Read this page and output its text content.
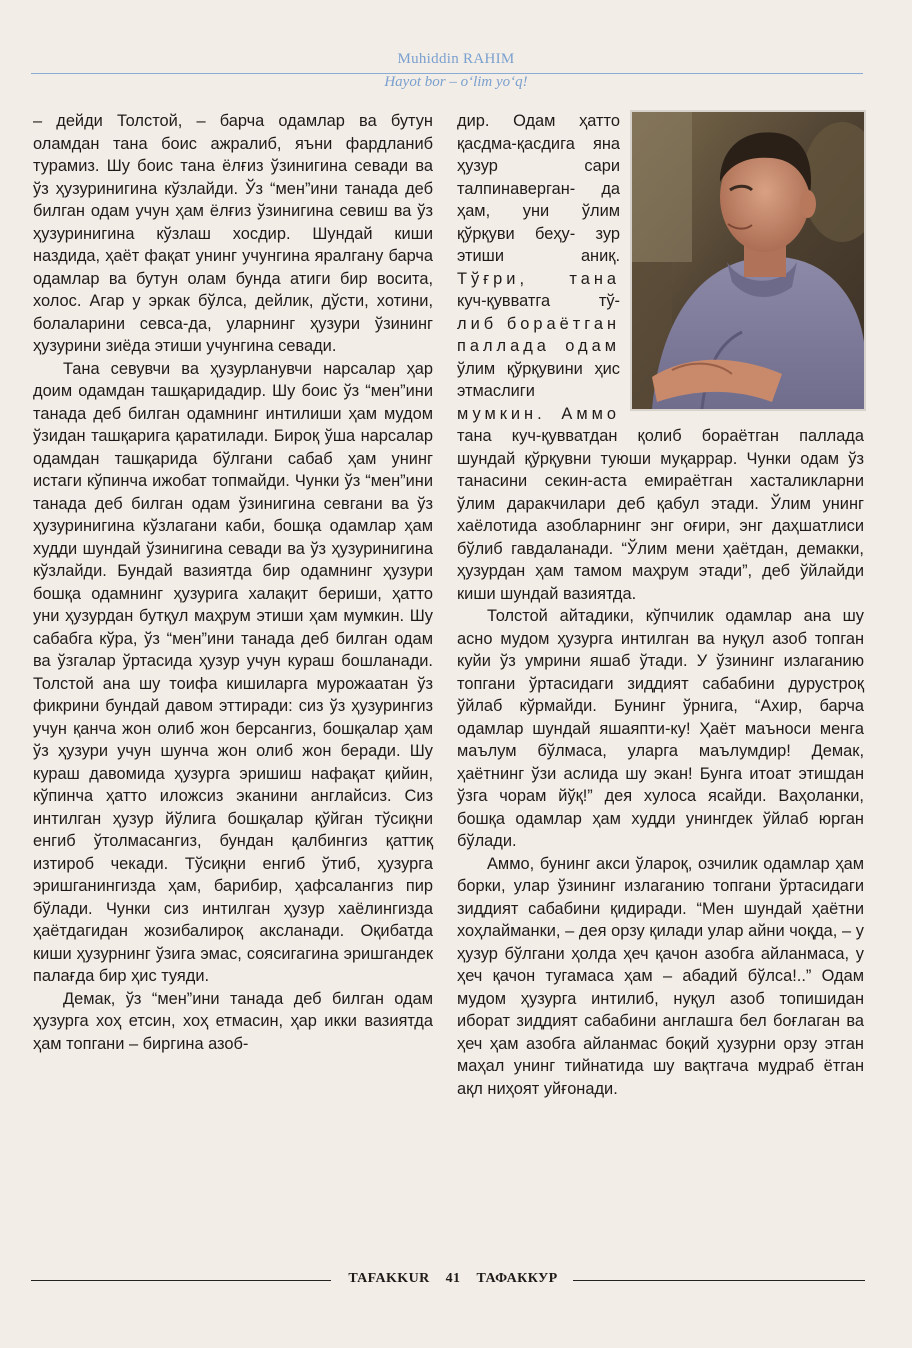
Muhiddin RAHIM
Hayot bor – o‘lim yo‘q!

– дейди Толстой, – барча одамлар ва бутун оламдан тана боис ажралиб, яъни фардланиб турамиз. Шу боис тана ёлғиз ўзинигина севади ва ўз ҳузуринигина кўзлайди. Ўз “мен”ини танада деб билган одам учун ҳам ёлғиз ўзинигина севиш ва ўз ҳузуринигина кўзлаш хосдир. Шундай киши наздида, ҳаёт фақат унинг учунгина яралгану барча одамлар ва бутун олам бунда атиги бир восита, холос. Агар у эркак бўлса, дейлик, дўсти, хотини, болаларини севса-да, уларнинг ҳузури ўзининг ҳузурини зиёда этиши учунгина севади.

Тана севувчи ва ҳузурланувчи нарсалар ҳар доим одамдан ташқаридадир. Шу боис ўз “мен”ини танада деб билган одамнинг интилиши ҳам мудом ўзидан ташқарига қаратилади. Бироқ ўша нарсалар одамдан ташқарида бўлгани сабаб ҳам унинг истаги кўпинча ижобат топмайди. Чунки ўз “мен”ини танада деб билган одам ўзинигина севгани ва ўз ҳузуринигина кўзлагани каби, бошқа одамлар ҳам худди шундай ўзинигина севади ва ўз ҳузуринигина кўзлайди. Бундай вазиятда бир одамнинг ҳузури бошқа одамнинг ҳузурига халақит бериши, ҳатто уни ҳузурдан бутқул маҳрум этиши ҳам мумкин. Шу сабабга кўра, ўз “мен”ини танада деб билган одам ва ўзгалар ўртасида ҳузур учун кураш бошланади. Толстой ана шу тоифа кишиларга мурожаатан ўз фикрини бундай давом эттиради: сиз ўз ҳузурингиз учун қанча жон олиб жон берсангиз, бошқалар ҳам ўз ҳузури учун шунча жон олиб жон беради. Шу кураш давомида ҳузурга эришиш нафақат қийин, кўпинча ҳатто иложсиз эканини англайсиз. Сиз интилган ҳузур йўлига бошқалар қўйган тўсиқни енгиб ўтолмасангиз, бундан қалбингиз қаттиқ изтироб чекади. Тўсиқни енгиб ўтиб, ҳузурга эришганингизда ҳам, барибир, ҳафсалангиз пир бўлади. Чунки сиз интилган ҳузур хаёлингизда ҳаётдагидан жозибалироқ аксланади. Оқибатда киши ҳузурнинг ўзига эмас, соясигагина эришгандек палағда бир ҳис туяди.

Демак, ўз “мен”ини танада деб билган одам ҳузурга хоҳ етсин, хоҳ етмасин, ҳар икки вазиятда ҳам топгани – биргина азоб-

дир. Одам ҳатто қасдма-қасдига яна ҳузур сари талпинаверган- да ҳам, уни ўлим қўрқуви беҳу- зур этиши аниқ. Тўғри, тана куч-қувватга тў- либ бораётган паллада одам ўлим қўрқувини ҳис этмаслиги мумкин. Аммо тана куч-қувватдан қолиб бораётган паллада шундай қўрқувни туюши муқаррар. Чунки одам ўз танасини секин-аста емираётган хасталикларни ўлим даракчилари деб қабул этади. Ўлим унинг хаёлотида азобларнинг энг оғири, энг даҳшатлиси бўлиб гавдаланади. “Ўлим мени ҳаётдан, демакки, ҳузурдан ҳам тамом маҳрум этади”, деб ўйлайди киши шундай вазиятда.

Толстой айтадики, кўпчилик одамлар ана шу асно мудом ҳузурга интилган ва нуқул азоб топган куйи ўз умрини яшаб ўтади. У ўзининг излаганию топгани ўртасидаги зиддият сабабини дурустроқ ўйлаб кўрмайди. Бунинг ўрнига, “Ахир, барча одамлар шундай яшаяпти-ку! Ҳаёт маъноси менга маълум бўлмаса, уларга маълумдир! Демак, ҳаётнинг ўзи аслида шу экан! Бунга итоат этишдан ўзга чорам йўқ!” дея хулоса ясайди. Ваҳоланки, бошқа одамлар ҳам худди унингдек ўйлаб юрган бўлади.

Аммо, бунинг акси ўлароқ, озчилик одамлар ҳам борки, улар ўзининг излаганию топгани ўртасидаги зиддият сабабини қидиради. “Мен шундай ҳаётни хоҳлайманки, – дея орзу қилади улар айни чоқда, – у ҳузур бўлгани ҳолда ҳеч қачон азобга айланмаса, у ҳеч қачон тугамаса ҳам – абадий бўлса!..” Одам мудом ҳузурга интилиб, нуқул азоб топишидан иборат зиддият сабабини англашга бел боғлаган ва ҳеч ҳам азобга айланмас боқий ҳузурни орзу этган маҳал унинг тийнатида шу вақтгача мудраб ётган ақл ниҳоят уйғонади.

TAFAKKUR 41 ТАФАККУР
